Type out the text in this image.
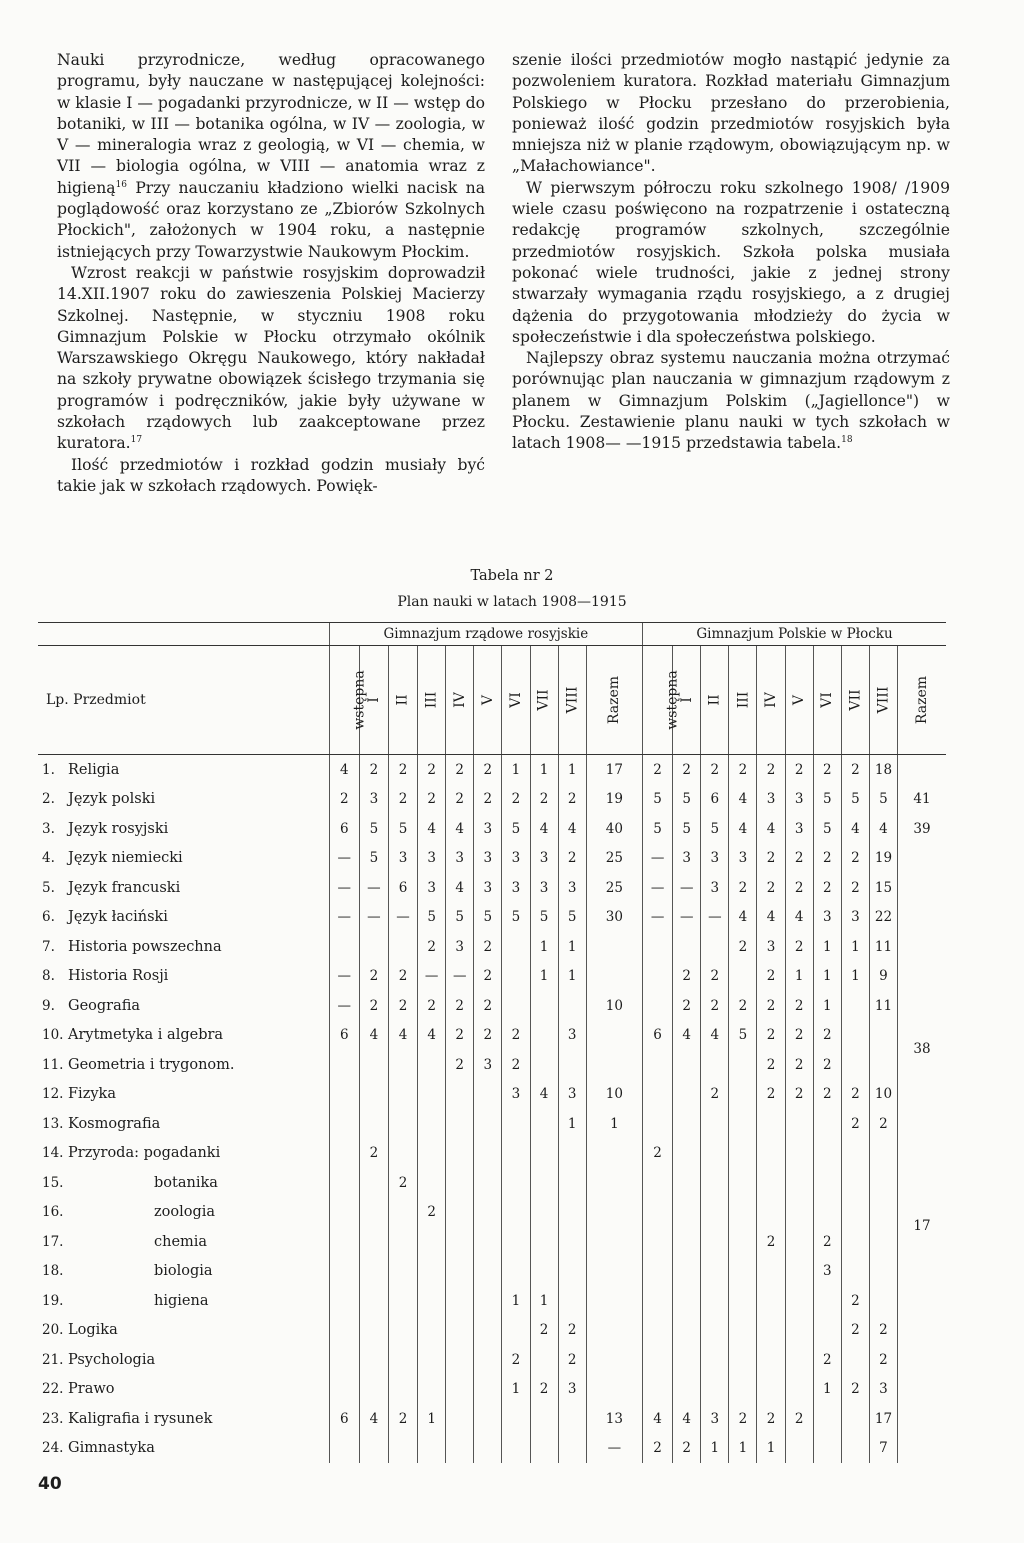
Nauki przyrodnicze, według opracowanego programu, były nauczane w następującej kolejności: w klasie I — pogadanki przyrodnicze, w II — wstęp do botaniki, w III — botanika ogólna, w IV — zoologia, w V — mineralogia wraz z geologią, w VI — chemia, w VII — biologia ogólna, w VIII — anatomia wraz z higieną$^{16}$ Przy nauczaniu kładziono wielki nacisk na poglądowość oraz korzystano ze „Zbiorów Szkolnych Płockich", założonych w 1904 roku, a następnie istniejących przy Towarzystwie Naukowym Płockim.

Wzrost reakcji w państwie rosyjskim doprowadził 14.XII.1907 roku do zawieszenia Polskiej Macierzy Szkolnej. Następnie, w styczniu 1908 roku Gimnazjum Polskie w Płocku otrzymało okólnik Warszawskiego Okręgu Naukowego, który nakładał na szkoły prywatne obowiązek ścisłego trzymania się programów i podręczników, jakie były używane w szkołach rządowych lub zaakceptowane przez kuratora.$^{17}$

Ilość przedmiotów i rozkład godzin musiały być takie jak w szkołach rządowych. Powięk-

szenie ilości przedmiotów mogło nastąpić jedynie za pozwoleniem kuratora. Rozkład materiału Gimnazjum Polskiego w Płocku przesłano do przerobienia, ponieważ ilość godzin przedmiotów rosyjskich była mniejsza niż w planie rządowym, obowiązującym np. w „Małachowiance".

W pierwszym półroczu roku szkolnego 1908/ /1909 wiele czasu poświęcono na rozpatrzenie i ostateczną redakcję programów szkolnych, szczególnie przedmiotów rosyjskich. Szkoła polska musiała pokonać wiele trudności, jakie z jednej strony stwarzały wymagania rządu rosyjskiego, a z drugiej dążenia do przygotowania młodzieży do życia w społeczeństwie i dla społeczeństwa polskiego.

Najlepszy obraz systemu nauczania można otrzymać porównując plan nauczania w gimnazjum rządowym z planem w Gimnazjum Polskim („Jagiellonce") w Płocku. Zestawienie planu nauki w tych szkołach w latach 1908— —1915 przedstawia tabela.$^{18}$

Tabela nr 2
Plan nauki w latach 1908—1915
	Gimnazjum rządowe rosyjskie										Gimnazjum Polskie w Płocku									
Lp. Przedmiot	wstępna	I	II	III	IV	V	VI	VII	VIII	Razem	wstępna	I	II	III	IV	V	VI	VII	VIII	Razem
1. Religia	4	2	2	2	2	2	1	1	1	17	2	2	2	2	2	2	2	2	18	
2. Język polski	2	3	2	2	2	2	2	2	2	19	5	5	6	4	3	3	5	5	5	41
3. Język rosyjski	6	5	5	4	4	3	5	4	4	40	5	5	5	4	4	3	5	4	4	39
4. Język niemiecki	—	5	3	3	3	3	3	3	2	25	—	3	3	3	2	2	2	2	19	
5. Język francuski	—	—	6	3	4	3	3	3	3	25	—	—	3	2	2	2	2	2	15	
6. Język łaciński	—	—	—	5	5	5	5	5	5	30	—	—	—	4	4	4	3	3	22	
7. Historia powszechna				2	3	2		1	1					2	3	2	1	1	11	
8. Historia Rosji	—	2	2	—	—	2		1	1			2	2		2	1	1	1	9	
9. Geografia	—	2	2	2	2	2				10		2	2	2	2	2	1		11	
10. Arytmetyka i algebra	6	4	4	4	2	2	2		3		6	4	4	5	2	2	2			38
11. Geometria i trygonom.					2	3	2								2	2	2			
12. Fizyka							3	4	3	10			2		2	2	2	2	10	
13. Kosmografia									1	1								2	2	
14. Przyroda: pogadanki		2									2									
15. botanika			2																	
16. zoologia				2																17
17. chemia															2		2			
18. biologia																	3			
19. higiena							1	1										2		
20. Logika								2	2									2	2	
21. Psychologia							2		2								2		2	
22. Prawo							1	2	3								1	2	3	
23. Kaligrafia i rysunek	6	4	2	1						13	4	4	3	2	2	2			17	
24. Gimnastyka										—	2	2	1	1	1				7	
40
